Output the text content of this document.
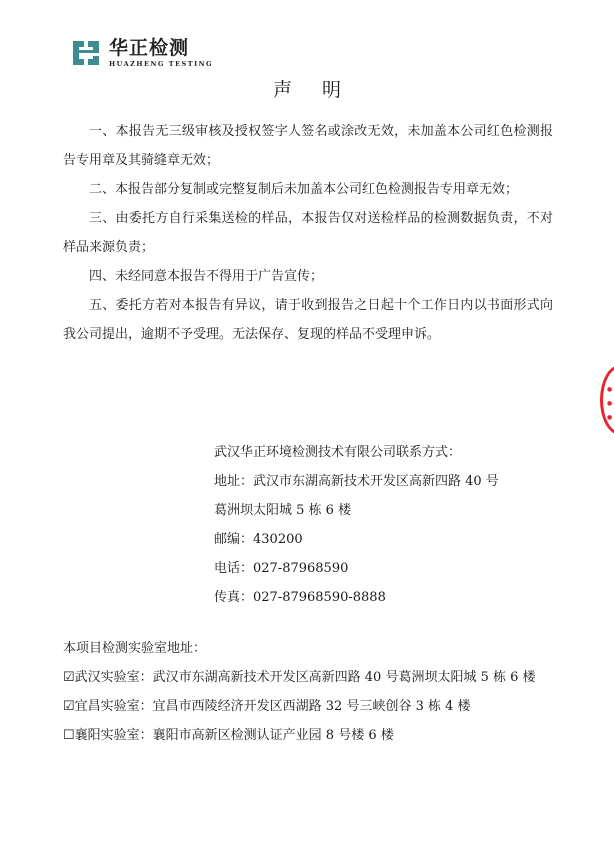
华正检测
HUAZHENG TESTING
声明

一、本报告无三级审核及授权签字人签名或涂改无效，未加盖本公司红色检测报告专用章及其骑缝章无效；

二、本报告部分复制或完整复制后未加盖本公司红色检测报告专用章无效；

三、由委托方自行采集送检的样品，本报告仅对送检样品的检测数据负责，不对样品来源负责；

四、未经同意本报告不得用于广告宣传；

五、委托方若对本报告有异议，请于收到报告之日起十个工作日内以书面形式向我公司提出，逾期不予受理。无法保存、复现的样品不受理申诉。

武汉华正环境检测技术有限公司联系方式：
地址：武汉市东湖高新技术开发区高新四路 40 号
葛洲坝太阳城 5 栋 6 楼
邮编：430200
电话：027-87968590
传真：027-87968590-8888
本项目检测实验室地址：
☑武汉实验室：武汉市东湖高新技术开发区高新四路 40 号葛洲坝太阳城 5 栋 6 楼
☑宜昌实验室：宜昌市西陵经济开发区西湖路 32 号三峡创谷 3 栋 4 楼
☐襄阳实验室：襄阳市高新区检测认证产业园 8 号楼 6 楼
●
●
●
